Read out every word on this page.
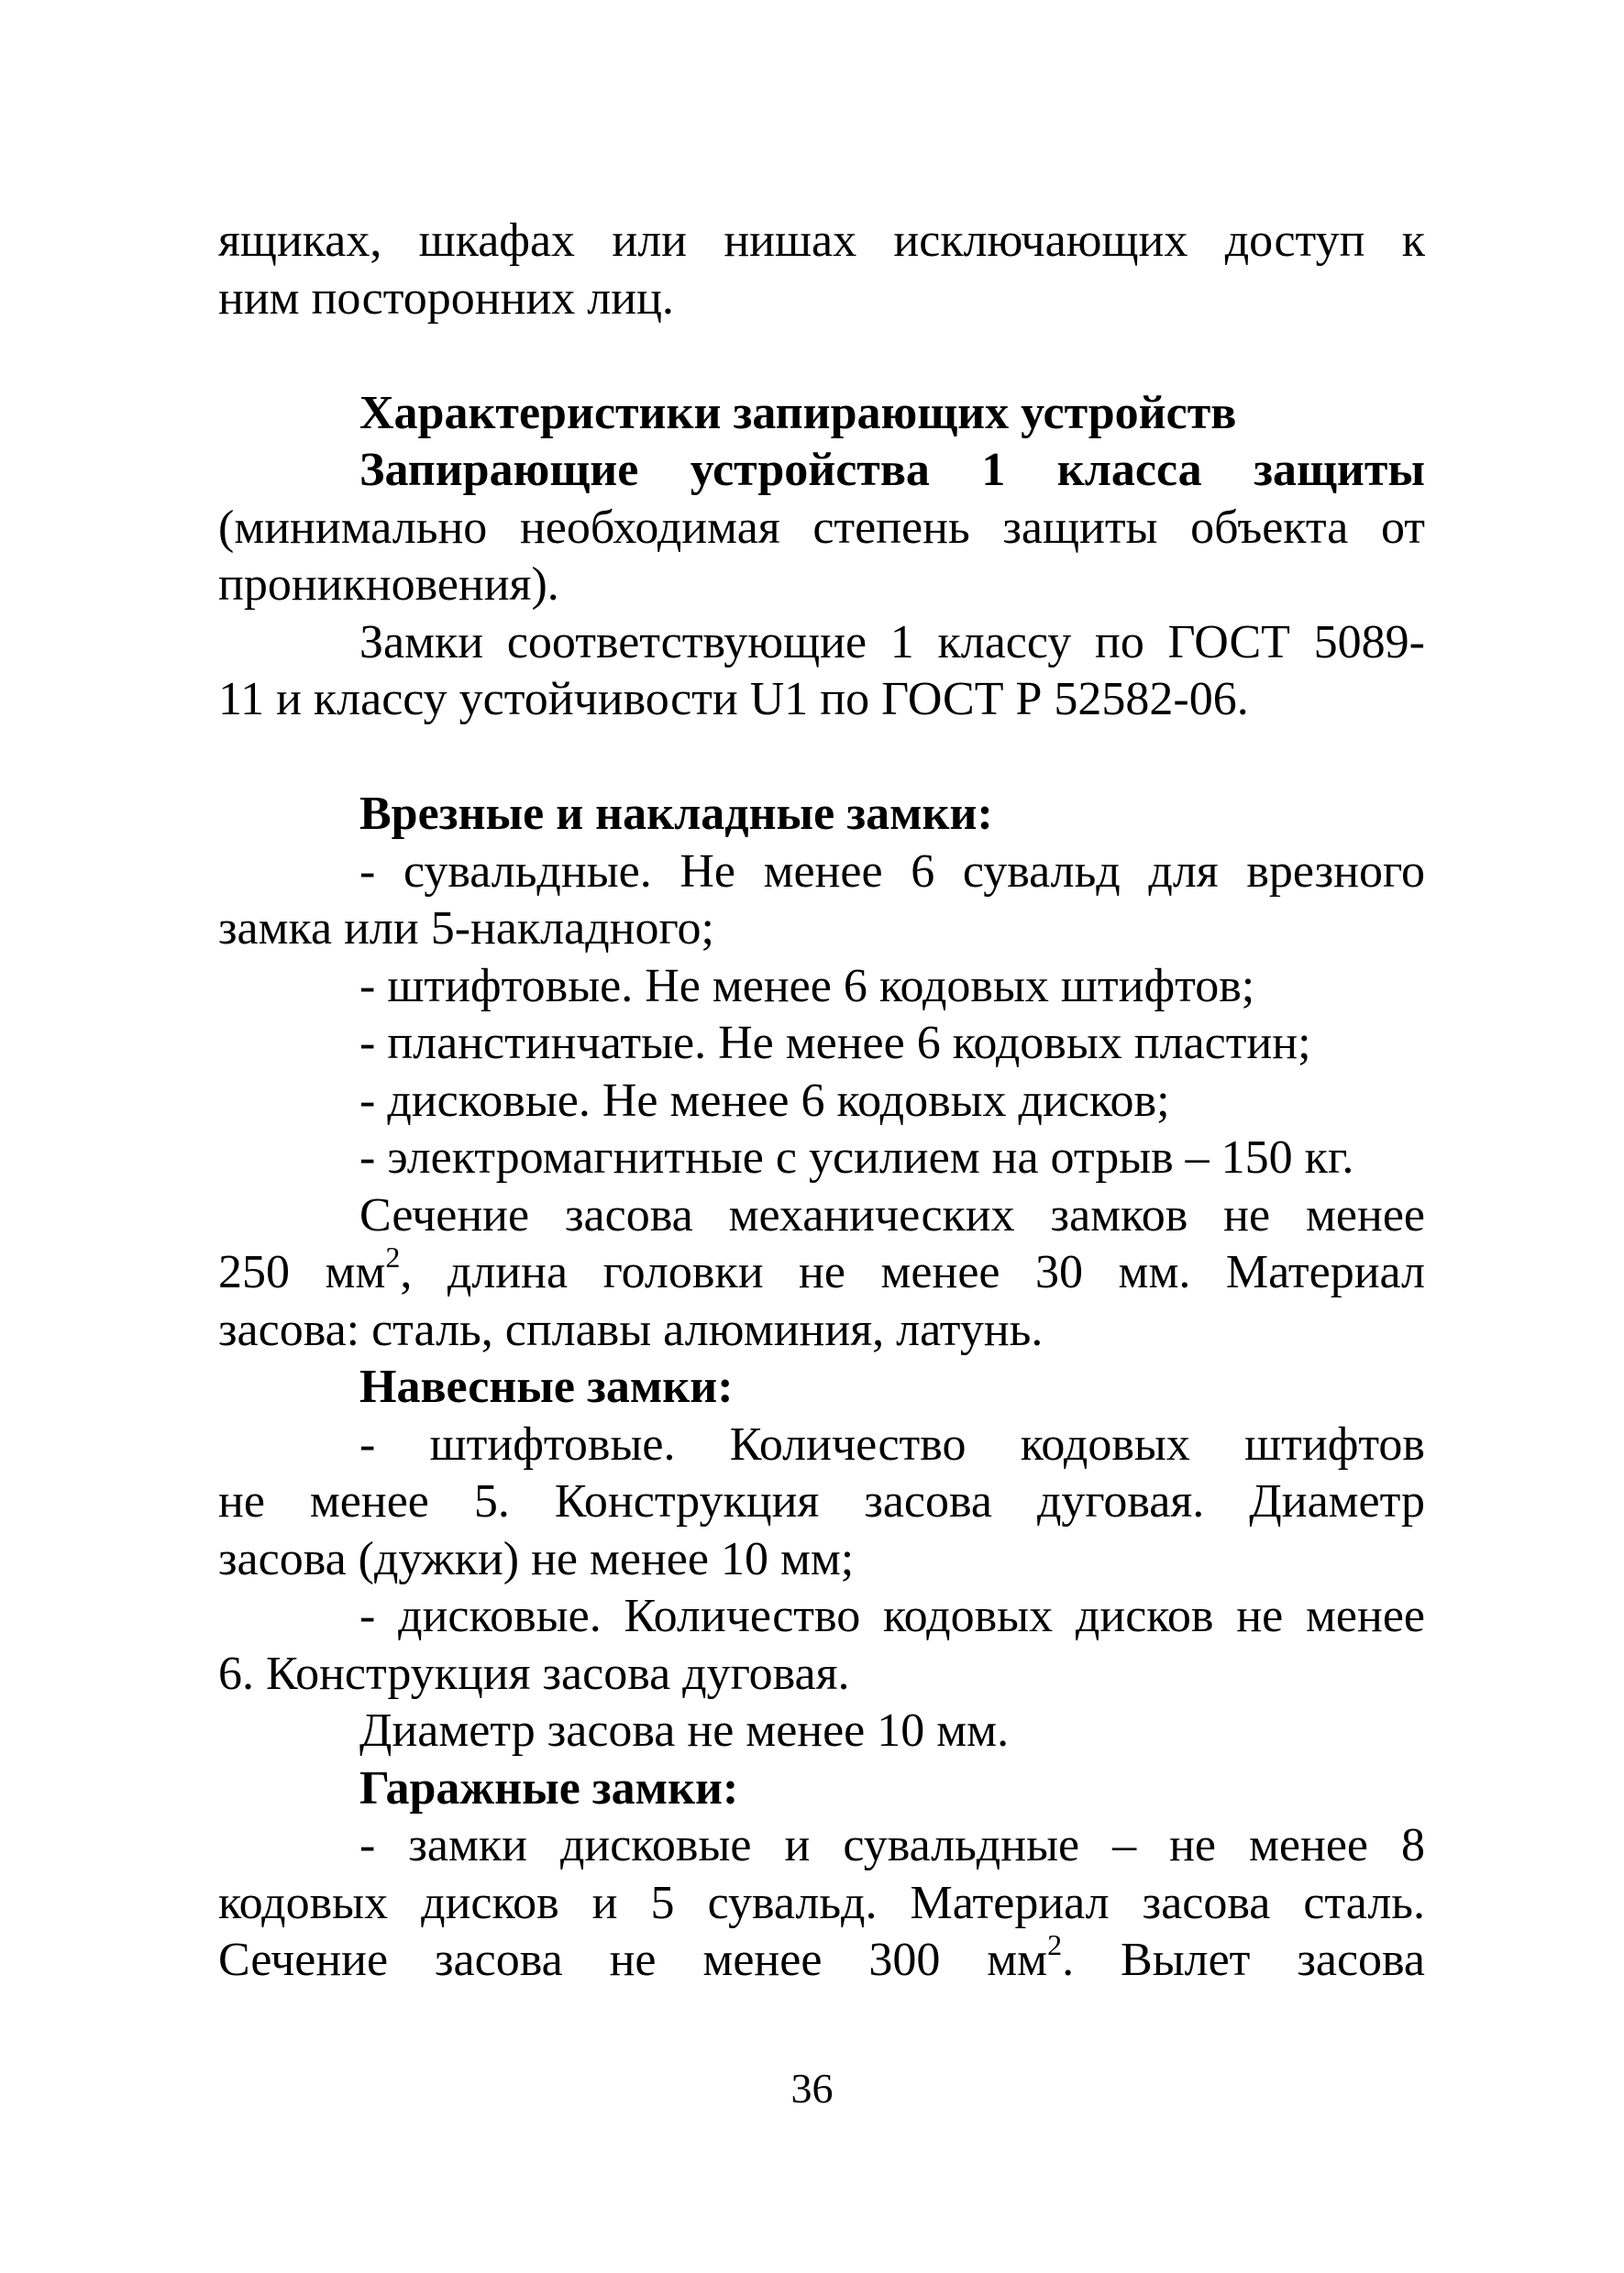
ящиках, шкафах или нишах исключающих доступ к
ним посторонних лиц.
Характеристики запирающих устройств
Запирающие устройства 1 класса защиты
(минимально необходимая степень защиты объекта от
проникновения).
Замки соответствующие 1 классу по ГОСТ 5089-
11 и классу устойчивости U1 по ГОСТ Р 52582-06.
Врезные и накладные замки:
- сувальдные. Не менее 6 сувальд для врезного
замка или 5-накладного;
- штифтовые. Не менее 6 кодовых штифтов;
- планстинчатые. Не менее 6 кодовых пластин;
- дисковые. Не менее 6 кодовых дисков;
- электромагнитные с усилием на отрыв – 150 кг.
Сечение засова механических замков не менее
250 $мм^2$, длина головки не менее 30 мм. Материал
засова: сталь, сплавы алюминия, латунь.
Навесные замки:
- штифтовые. Количество кодовых штифтов
не менее 5. Конструкция засова дуговая. Диаметр
засова (дужки) не менее 10 мм;
- дисковые. Количество кодовых дисков не менее
6. Конструкция засова дуговая.
Диаметр засова не менее 10 мм.
Гаражные замки:
- замки дисковые и сувальдные – не менее 8
кодовых дисков и 5 сувальд. Материал засова сталь.
Сечение засова не менее 300 $мм^2$. Вылет засова
36
